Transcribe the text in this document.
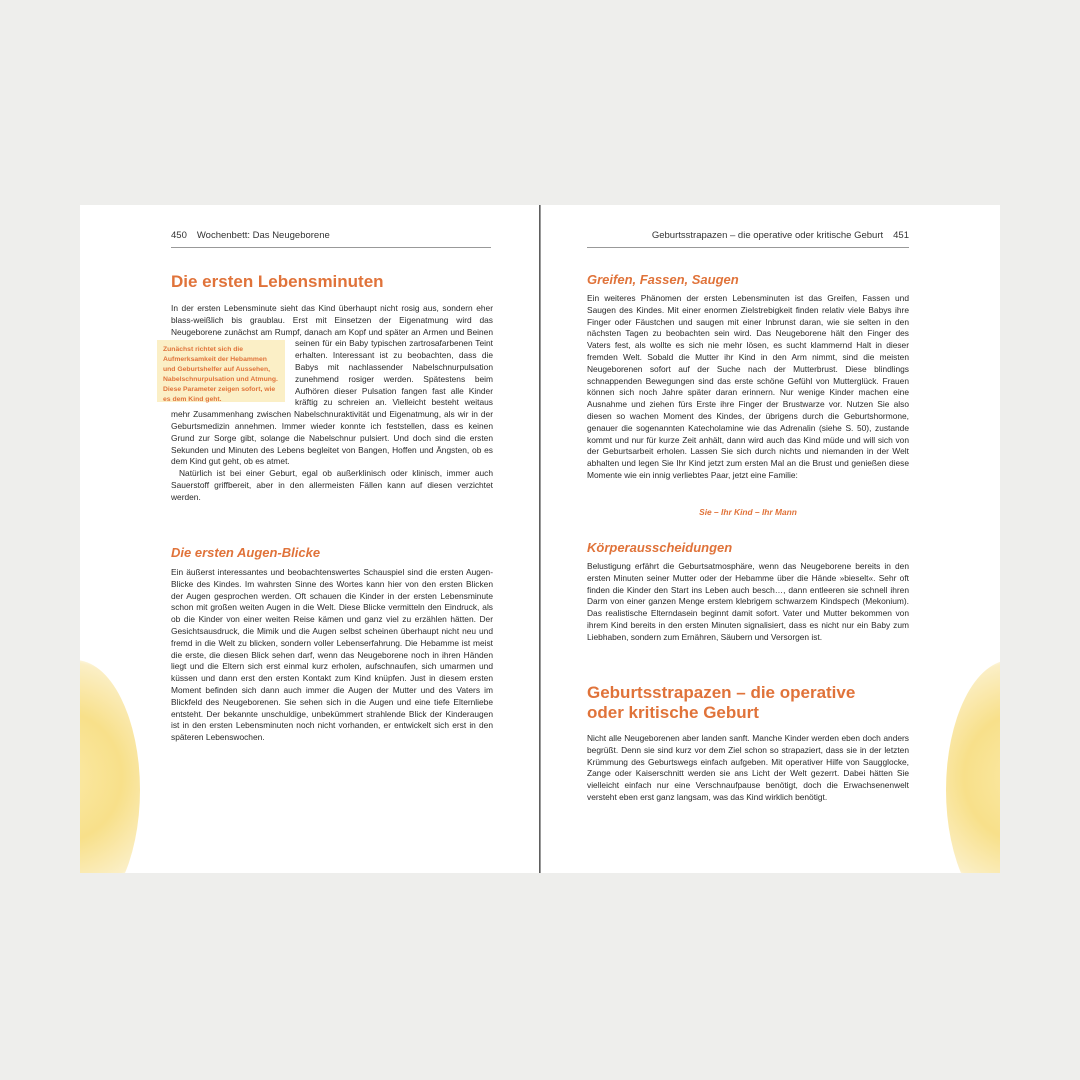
450 Wochenbett: Das Neugeborene
Die ersten Lebensminuten

In der ersten Lebensminute sieht das Kind überhaupt nicht rosig aus, sondern eher blass-weißlich bis graublau. Erst mit Einsetzen der Eigenatmung wird das Neugeborene zunächst am Rumpf, danach am Kopf und später an
Zunächst richtet sich die Aufmerksamkeit der Hebammen und Geburtshelfer auf Aussehen, Nabelschnurpulsation und Atmung. Diese Parameter zeigen sofort, wie es dem Kind geht.
Armen und Beinen seinen für ein Baby typischen zartrosafarbenen Teint erhalten. Interessant ist zu beobachten, dass die Babys mit nachlassender Nabelschnurpulsation zunehmend rosiger werden. Spätestens beim Aufhören dieser Pulsation fangen fast alle Kinder kräftig zu schreien an. Vielleicht besteht weitaus mehr Zusammenhang zwischen Nabelschnuraktivität und Eigenatmung, als wir in der Geburtsmedizin annehmen. Immer wieder konnte ich feststellen, dass es keinen Grund zur Sorge gibt, solange die Nabelschnur pulsiert. Und doch sind die ersten Sekunden und Minuten des Lebens begleitet von Bangen, Hoffen und Ängsten, ob es dem Kind gut geht, ob es atmet.

Natürlich ist bei einer Geburt, egal ob außerklinisch oder klinisch, immer auch Sauerstoff griffbereit, aber in den allermeisten Fällen kann auf diesen verzichtet werden.

Die ersten Augen-Blicke

Ein äußerst interessantes und beobachtenswertes Schauspiel sind die ersten Augen-Blicke des Kindes. Im wahrsten Sinne des Wortes kann hier von den ersten Blicken der Augen gesprochen werden. Oft schauen die Kinder in der ersten Lebensminute schon mit großen weiten Augen in die Welt. Diese Blicke vermitteln den Eindruck, als ob die Kinder von einer weiten Reise kämen und ganz viel zu erzählen hätten. Der Gesichtsausdruck, die Mimik und die Augen selbst scheinen überhaupt nicht neu und fremd in die Welt zu blicken, sondern voller Lebenserfahrung. Die Hebamme ist meist die erste, die diesen Blick sehen darf, wenn das Neugeborene noch in ihren Händen liegt und die Eltern sich erst einmal kurz erholen, aufschnaufen, sich umarmen und küssen und dann erst den ersten Kontakt zum Kind knüpfen. Just in diesem ersten Moment befinden sich dann auch immer die Augen der Mutter und des Vaters im Blickfeld des Neugeborenen. Sie sehen sich in die Augen und eine tiefe Elternliebe entsteht. Der bekannte unschuldige, unbekümmert strahlende Blick der Kinderaugen ist in den ersten Lebensminuten noch nicht vorhanden, er entwickelt sich erst in den späteren Lebenswochen.

Geburtsstrapazen – die operative oder kritische Geburt 451
Greifen, Fassen, Saugen

Ein weiteres Phänomen der ersten Lebensminuten ist das Greifen, Fassen und Saugen des Kindes. Mit einer enormen Zielstrebigkeit finden relativ viele Babys ihre Finger oder Fäustchen und saugen mit einer Inbrunst daran, wie sie selten in den nächsten Tagen zu beobachten sein wird. Das Neugeborene hält den Finger des Vaters fest, als wollte es sich nie mehr lösen, es sucht klammernd Halt in dieser fremden Welt. Sobald die Mutter ihr Kind in den Arm nimmt, sind die meisten Neugeborenen sofort auf der Suche nach der Mutterbrust. Diese blindlings schnappenden Bewegungen sind das erste schöne Gefühl von Mutterglück. Frauen können sich noch Jahre später daran erinnern. Nur wenige Kinder machen eine Ausnahme und ziehen fürs Erste ihre Finger der Brustwarze vor. Nutzen Sie also diesen so wachen Moment des Kindes, der übrigens durch die Geburtshormone, genauer die sogenannten Katecholamine wie das Adrenalin (siehe S. 50), zustande kommt und nur für kurze Zeit anhält, dann wird auch das Kind müde und will sich von der Geburtsarbeit erholen. Lassen Sie sich durch nichts und niemanden in der Welt abhalten und legen Sie Ihr Kind jetzt zum ersten Mal an die Brust und genießen diese Momente wie ein innig verliebtes Paar, jetzt eine Familie:

Sie – Ihr Kind – Ihr Mann
Körperausscheidungen

Belustigung erfährt die Geburtsatmosphäre, wenn das Neugeborene bereits in den ersten Minuten seiner Mutter oder der Hebamme über die Hände »bieselt«. Sehr oft finden die Kinder den Start ins Leben auch besch…, dann entleeren sie schnell ihren Darm von einer ganzen Menge erstem klebrigem schwarzem Kindspech (Mekonium). Das realistische Elterndasein beginnt damit sofort. Vater und Mutter bekommen von ihrem Kind bereits in den ersten Minuten signalisiert, dass es nicht nur ein Baby zum Liebhaben, sondern zum Ernähren, Säubern und Versorgen ist.

Geburtsstrapazen – die operative oder kritische Geburt

Nicht alle Neugeborenen aber landen sanft. Manche Kinder werden eben doch anders begrüßt. Denn sie sind kurz vor dem Ziel schon so strapaziert, dass sie in der letzten Krümmung des Geburtswegs einfach aufgeben. Mit operativer Hilfe von Saugglocke, Zange oder Kaiserschnitt werden sie ans Licht der Welt gezerrt. Dabei hätten Sie vielleicht einfach nur eine Verschnaufpause benötigt, doch die Erwachsenenwelt versteht eben erst ganz langsam, was das Kind wirklich benötigt.
